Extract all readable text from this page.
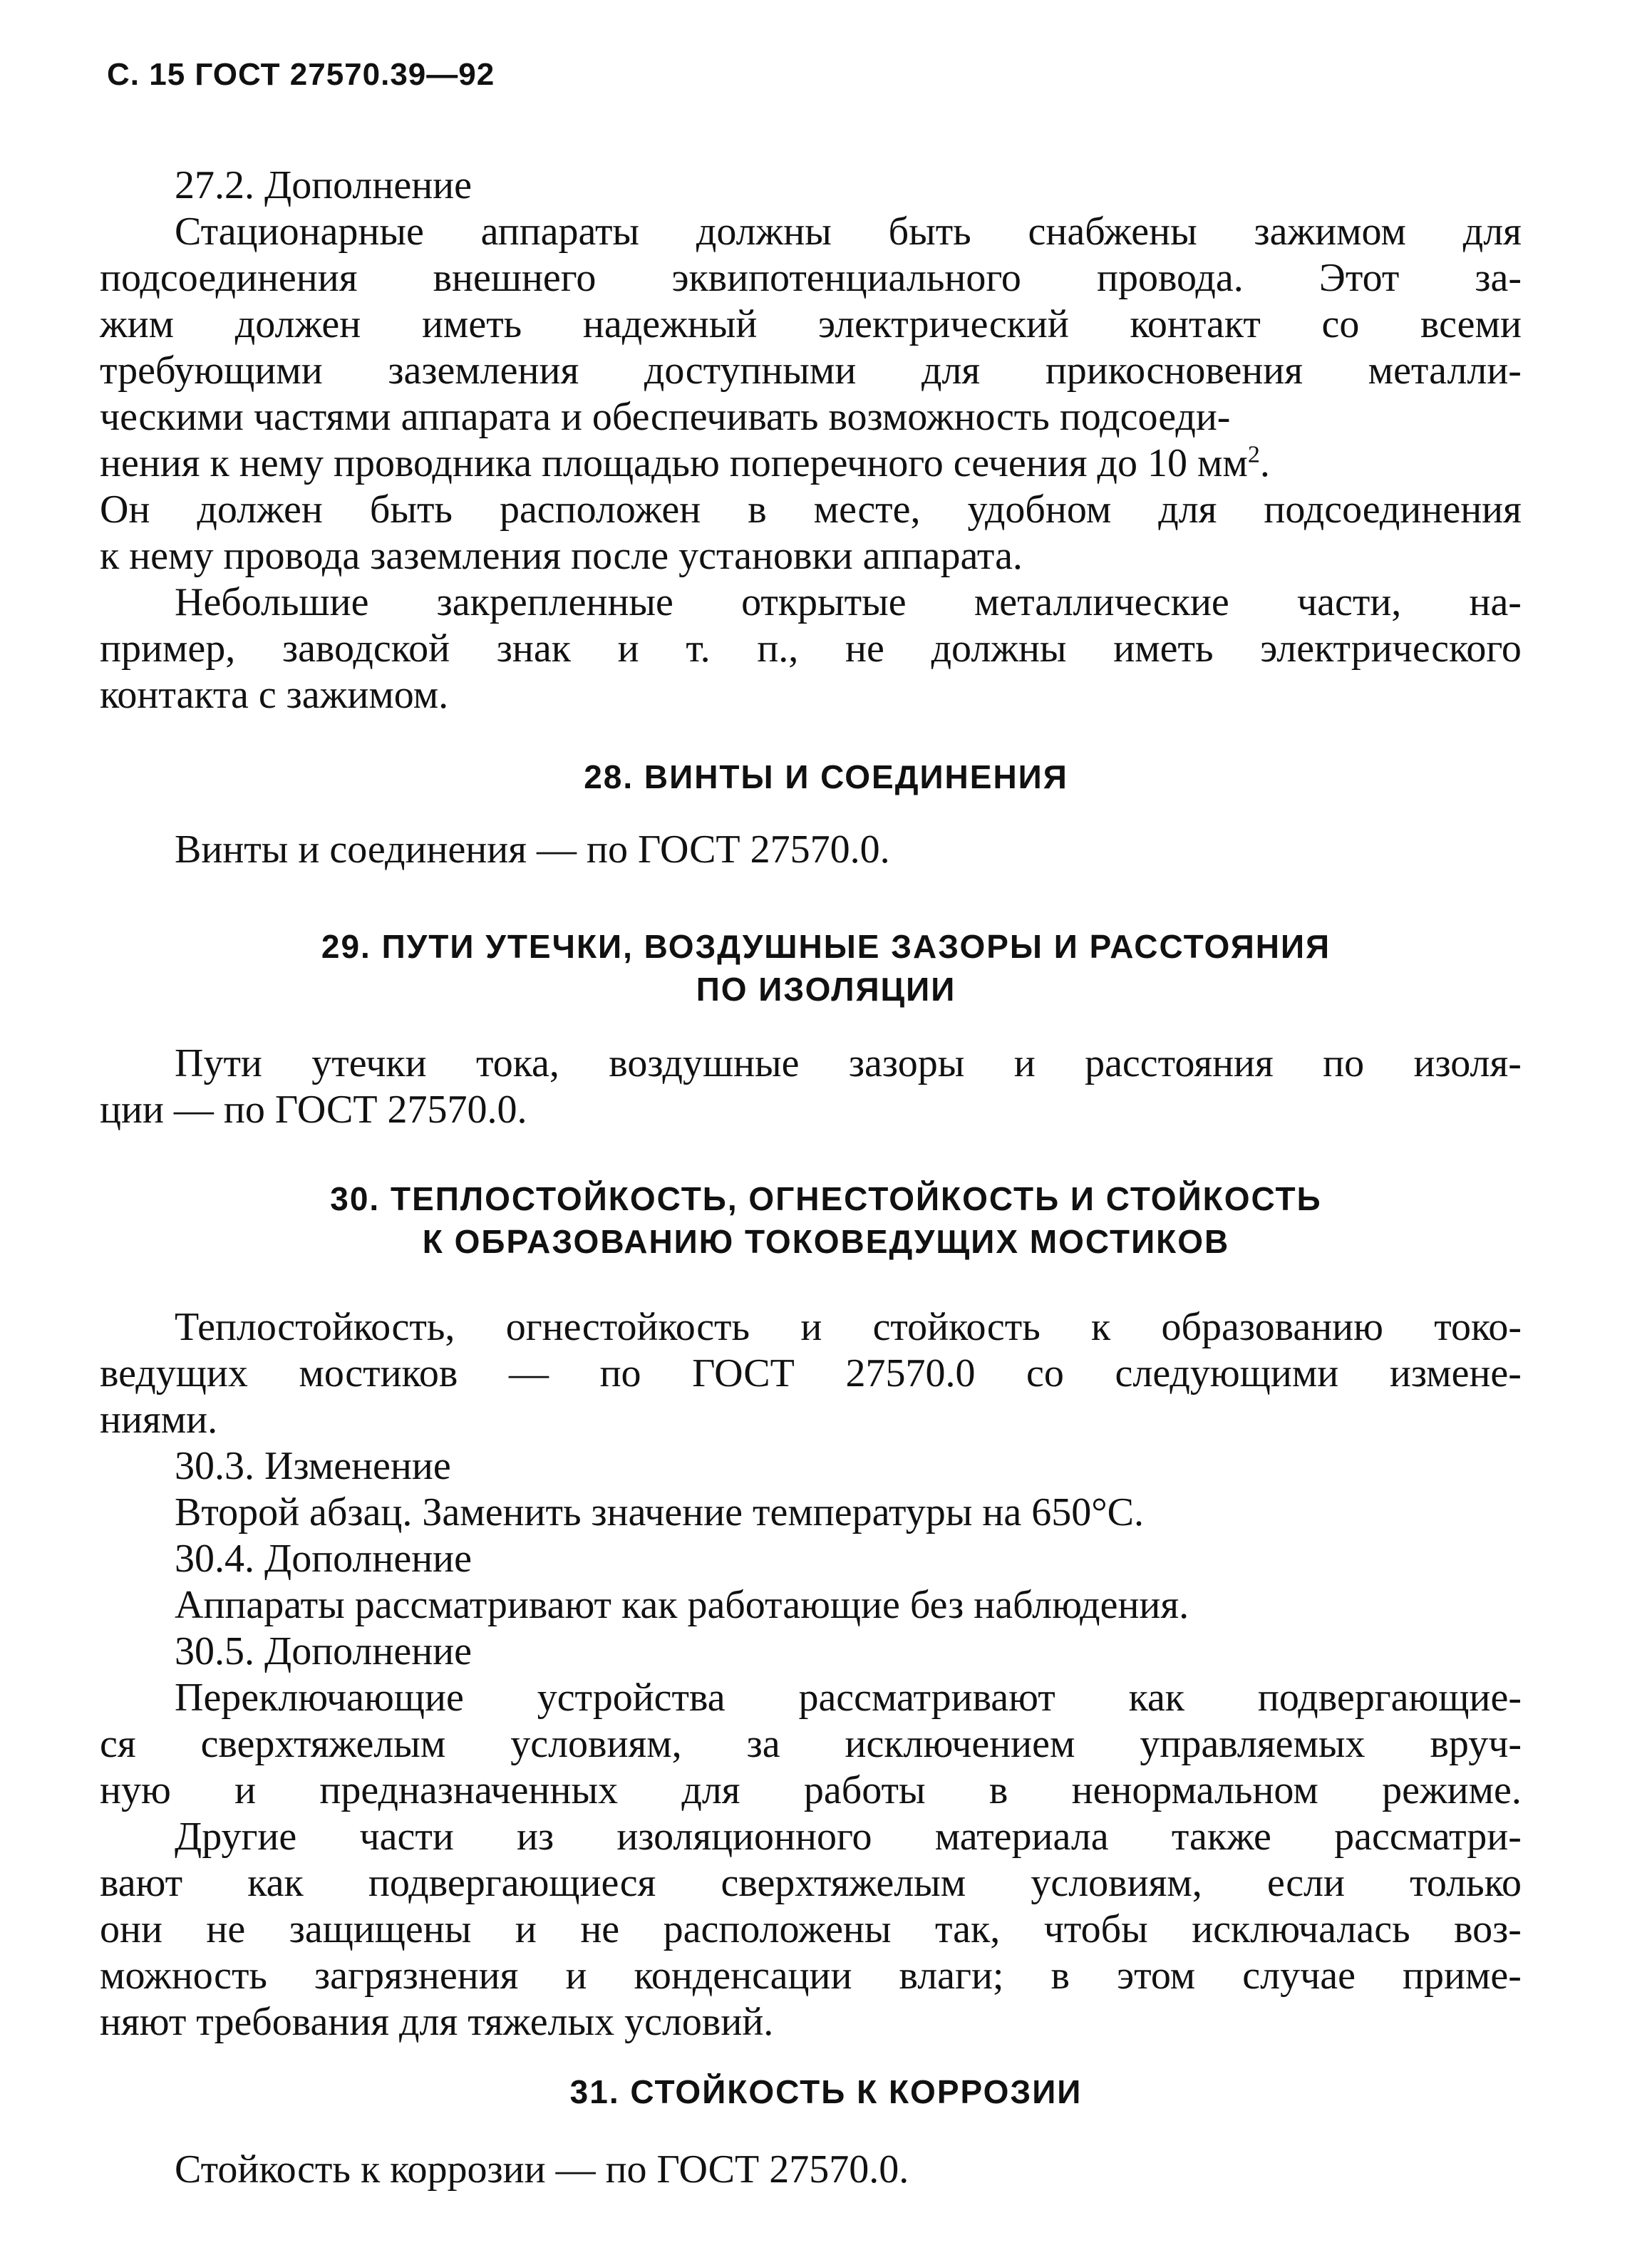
С. 15 ГОСТ 27570.39—92
27.2. Дополнение
Стационарные аппараты должны быть снабжены зажимом для
подсоединения внешнего эквипотенциального провода. Этот за-
жим должен иметь надежный электрический контакт со всеми
требующими заземления доступными для прикосновения металли-
ческими частями аппарата и обеспечивать возможность подсоеди-
нения к нему проводника площадью поперечного сечения до 10 $мм^2$.
Он должен быть расположен в месте, удобном для подсоединения
к нему провода заземления после установки аппарата.
Небольшие закрепленные открытые металлические части, на-
пример, заводской знак и т. п., не должны иметь электрического
контакта с зажимом.
28. ВИНТЫ И СОЕДИНЕНИЯ
Винты и соединения — по ГОСТ 27570.0.
29. ПУТИ УТЕЧКИ, ВОЗДУШНЫЕ ЗАЗОРЫ И РАССТОЯНИЯ
ПО ИЗОЛЯЦИИ
Пути утечки тока, воздушные зазоры и расстояния по изоля-
ции — по ГОСТ 27570.0.
30. ТЕПЛОСТОЙКОСТЬ, ОГНЕСТОЙКОСТЬ И СТОЙКОСТЬ
К ОБРАЗОВАНИЮ ТОКОВЕДУЩИХ МОСТИКОВ
Теплостойкость, огнестойкость и стойкость к образованию токо-
ведущих мостиков — по ГОСТ 27570.0 со следующими измене-
ниями.
30.3. Изменение
Второй абзац. Заменить значение температуры на 650°С.
30.4. Дополнение
Аппараты рассматривают как работающие без наблюдения.
30.5. Дополнение
Переключающие устройства рассматривают как подвергающие-
ся сверхтяжелым условиям, за исключением управляемых вруч-
ную и предназначенных для работы в ненормальном режиме.
Другие части из изоляционного материала также рассматри-
вают как подвергающиеся сверхтяжелым условиям, если только
они не защищены и не расположены так, чтобы исключалась воз-
можность загрязнения и конденсации влаги; в этом случае приме-
няют требования для тяжелых условий.
31. СТОЙКОСТЬ К КОРРОЗИИ
Стойкость к коррозии — по ГОСТ 27570.0.
